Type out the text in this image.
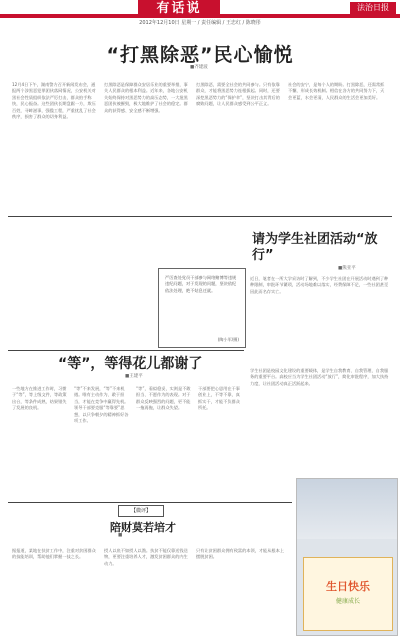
有话说	法治日报
2012年12月10日 星期一 / 责任编辑 / 王忠红 / 陈晓彤
“打黑除恶”民心愉悦
■齐建波
12月4日下午，湖南警方召开新闻发布会，通报两个涉黑恶犯罪团伙落网情况，公安机关对黑社会性质组织依法严厉打击，群众拍手称快，民心振奋。这些团伙长期盘踞一方，欺压百姓，寻衅滋事，强揽工程，严重扰乱了社会秩序，损害了群众的切身利益。
打黑除恶是保障群众安居乐业的重要举措，事关人民群众的根本利益。近年来，各地公安机关始终保持对黑恶势力的高压态势，一大批黑恶团伙被摧毁，极大地维护了社会的稳定。群众的获得感、安全感不断增强。
打黑除恶，需要全社会的共同参与。只有依靠群众，才能将黑恶势力连根拔起。同时，还要深挖黑恶势力的“保护伞”，坚决打击其背后的腐败问题，让人民群众感受到公平正义。
社会的安宁，是每个人的期盼。打黑除恶，还需常抓不懈，形成长效机制。相信在各方的共同努力下，天会更蓝，水会更清，人民群众的生活会更加美好。
请为学生社团活动“放行”
■熊亚平
近日，笔者在一所大学采访时了解到，不少学生社团在开展活动时遇到了种种限制，审批环节繁琐，活动场地难以落实，经费保障不足，一些社团甚至因此而名存实亡。
学生社团是校园文化建设的重要载体，是学生自我教育、自我管理、自我服务的重要平台。高校应当为学生社团活动“放行”，简化审批程序，加大扶持力度，让社团活动真正活跃起来。
严厉查处党员干部参与网络赌博等违规违纪问题，对于发现的问题，坚决依纪依法处理，绝不姑息迁就。
(陶小军/摄)
“等”，等得花儿都谢了
■王建平
一些地方在推进工作时，习惯于“等”，等上级文件，等政策出台，等条件成熟，结果错失了发展的良机。
“等”不来发展，“等”不来机遇。唯有主动作为、敢于担当，才能在竞争中赢得先机。领导干部要克服“等靠要”思想，以只争朝夕的精神抓好各项工作。
“等”，看似稳妥，实则是不敢担当、不愿作为的表现。对于群众反映强烈的问题，更不能一拖再拖，让群众失望。
干部要把心思用在干事创业上，不等不靠，真抓实干，才能不负群众所托。
【微评】
陪财莫若培才
■
据报道，某地在扶贫工作中，注重对贫困群众的技能培训，帮助他们掌握一技之长。
授人以鱼不如授人以渔。扶贫不能仅靠送钱送物，更要注重培养人才，激发贫困群众的内生动力。
只有让贫困群众拥有致富的本领，才能从根本上摆脱贫困。
生日快乐
健康成长
